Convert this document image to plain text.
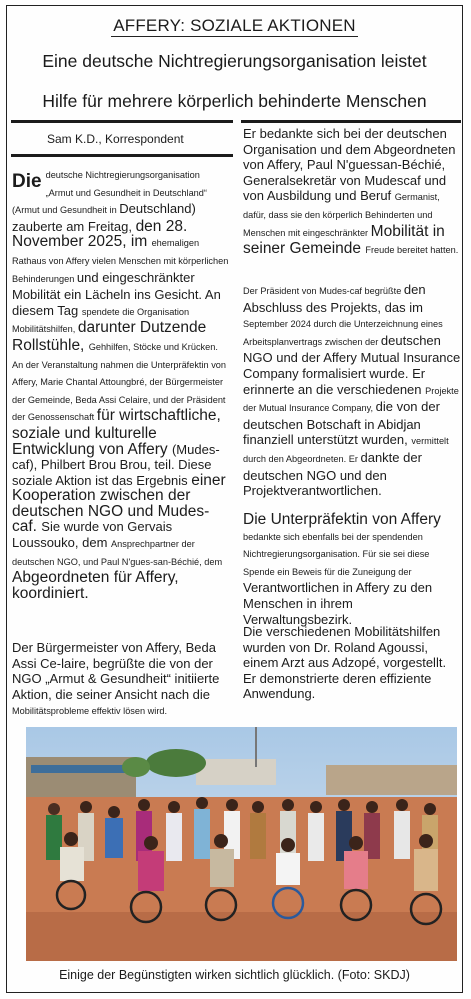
AFFERY: SOZIALE AKTIONEN
Eine deutsche Nichtregierungsorganisation leistet
Hilfe für mehrere körperlich behinderte Menschen
Sam K.D., Korrespondent
Die deutsche Nichtregierungsorganisation „Armut und Gesundheit in Deutschland“ (Armut und Gesundheit in Deutschland) zauberte am Freitag, den 28. November 2025, im ehemaligen Rathaus von Affery vielen Menschen mit körperlichen Behinderungen und eingeschränkter Mobilität ein Lächeln ins Gesicht. An diesem Tag spendete die Organisation Mobilitätshilfen, darunter Dutzende Rollstühle, Gehhilfen, Stöcke und Krücken. An der Veranstaltung nahmen die Unterpräfektin von Affery, Marie Chantal Attoungbré, der Bürgermeister der Gemeinde, Beda Assi Celaire, und der Präsident der Genossenschaft für wirtschaftliche, soziale und kulturelle Entwicklung von Affery (Mudes-caf), Philbert Brou Brou, teil. Diese soziale Aktion ist das Ergebnis einer Kooperation zwischen der deutschen NGO und Mudes-caf. Sie wurde von Gervais Loussouko, dem Ansprechpartner der deutschen NGO, und Paul N'gues-san-Béchié, dem Abgeordneten für Affery, koordiniert.
Der Bürgermeister von Affery, Beda Assi Ce-laire, begrüßte die von der NGO „Armut & Gesundheit“ initiierte Aktion, die seiner Ansicht nach die Mobilitätsprobleme effektiv lösen wird.
Er bedankte sich bei der deutschen Organisation und dem Abgeordneten von Affery, Paul N'guessan-Béchié, Generalsekretär von Mudescaf und von Ausbildung und Beruf Germanist, dafür, dass sie den körperlich Behinderten und Menschen mit eingeschränkter Mobilität in seiner Gemeinde Freude bereitet hatten.
Der Präsident von Mudes-caf begrüßte den Abschluss des Projekts, das im September 2024 durch die Unterzeichnung eines Arbeitsplanvertrags zwischen der deutschen NGO und der Affery Mutual Insurance Company formalisiert wurde. Er erinnerte an die verschiedenen Projekte der Mutual Insurance Company, die von der deutschen Botschaft in Abidjan finanziell unterstützt wurden, vermittelt durch den Abgeordneten. Er dankte der deutschen NGO und den Projektverantwortlichen.
Die Unterpräfektin von Affery bedankte sich ebenfalls bei der spendenden Nichtregierungsorganisation. Für sie sei diese Spende ein Beweis für die Zuneigung der Verantwortlichen in Affery zu den Menschen in ihrem Verwaltungsbezirk.
Die verschiedenen Mobilitätshilfen wurden von Dr. Roland Agoussi, einem Arzt aus Adzopé, vorgestellt. Er demonstrierte deren effiziente Anwendung.
Einige der Begünstigten wirken sichtlich glücklich. (Foto: SKDJ)
